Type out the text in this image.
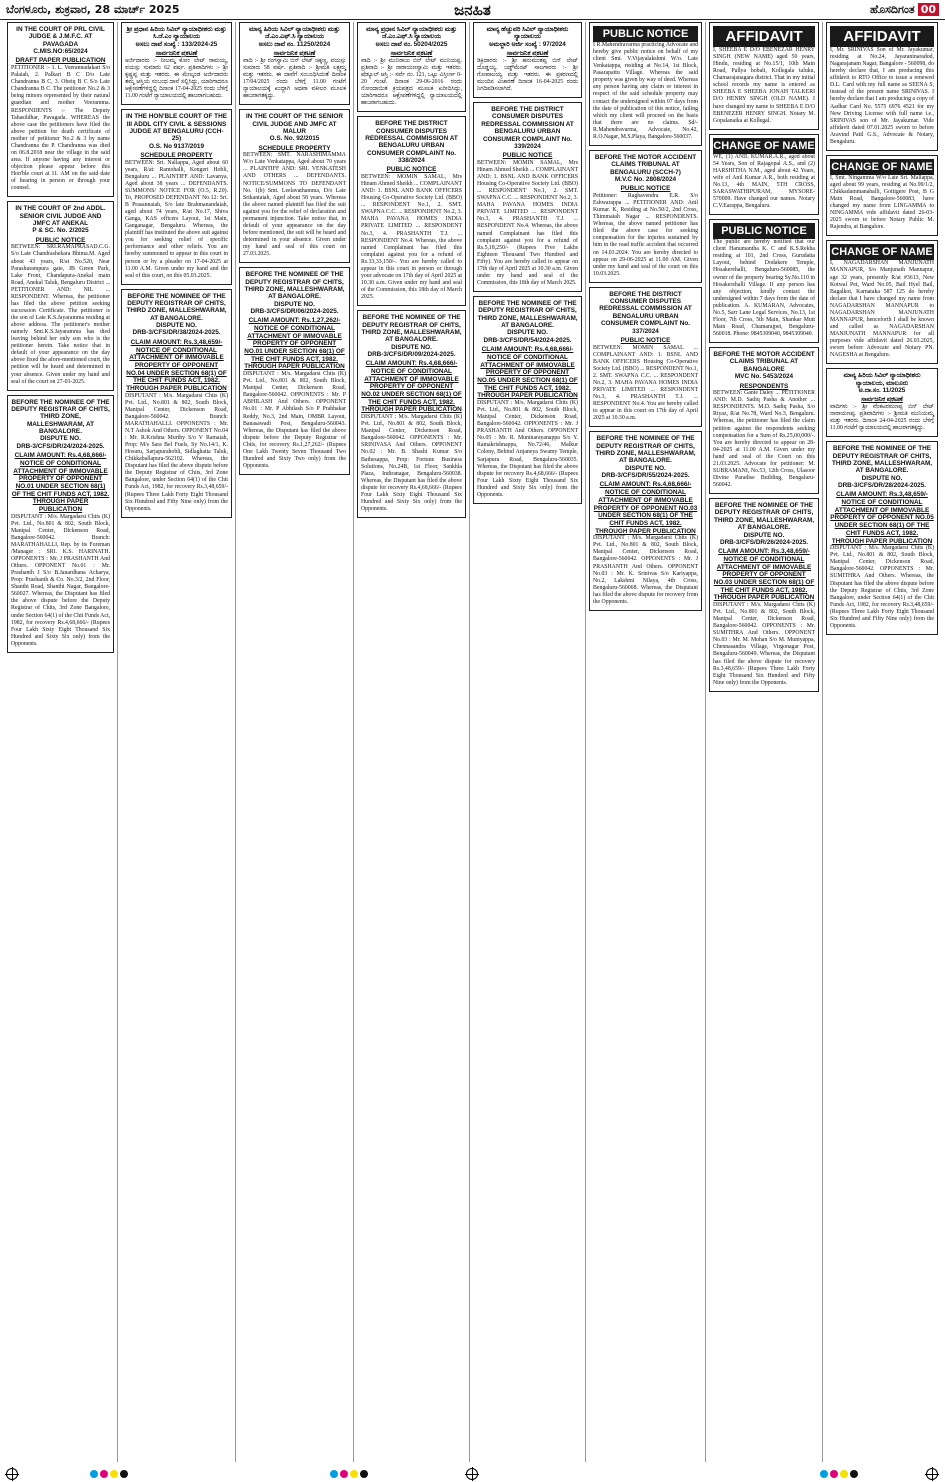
ಬೆಂಗಳೂರು, ಶುಕ್ರವಾರ, 28 ಮಾರ್ಚ್ 2025	ಜನಹಿತ	ಹೊಸದಿಗಂತ 00
IN THE COURT OF PRL CIVIL JUDGE & J.M.F.C. AT PAVAGADA
C.MIS.NO:65/2024
DRAFT PAPER PUBLICATION

PETITIONER :- 1. L. Veerannadakari S/o Palaiah, 2. Palkari B C D/o Late Chandranna B C, 3. Obeiq B C S/o Late Chandranna B C. The petitioner No.2 & 3 being minors represented by their natural guardian and mother Veeramma. RESPONDENTS :- The Deputy Tahasildhar, Pavagada. WHEREAS the above case the petitioners have filed the above petition for death certificate of mother of petitioner No.2 & 3 by name Chandranna the P. Chandranna was died on 06.8.2018 near the village in the said area. If anyone having any interest or objection please appear before this Hon'ble court at 11. AM on the said date of hearing in person or through your counsel.

IN THE COURT OF 2nd ADDL. SENIOR CIVIL JUDGE AND JMFC AT ANEKAL
P & SC. No. 2/2025
PUBLIC NOTICE

BETWEEN: SRI.RAMAPRASAD.C.G. S/o Late Chandrashekara Bhima.M. Aged about 43 years, R/at No.520, Near Parashurampura gate, JB Green Park, Lake Front, Chandapura-Anekal main Road, Anekal Taluk, Bengaluru District ... PETITIONER AND: NIL ... RESPONDENT. Whereas, the petitioner has filed the above petition seeking succession Certificate. The petitioner is the son of Late K.S.Jayaramma residing at above address. The petitioner's mother namely Smt.K.S.Jayaramma has died leaving behind her only son who is the petitioner herein. Take notice that in default of your appearance on the day above fixed the afore-mentioned court, the petition will be heard and determined in your absence. Given under my hand and seal of the court on 27-03-2025.

BEFORE THE NOMINEE OF THE DEPUTY REGISTRAR OF CHITS, THIRD ZONE, MALLESHWARAM, AT BANGALORE.
DISPUTE NO.
DRB-3/CFS/DR/24/2024-2025.
CLAIM AMOUNT: Rs.4,68,666/-
NOTICE OF CONDITIONAL ATTACHMENT OF IMMOVABLE PROPERTY OF OPPONENT NO.01 UNDER SECTION 68(1) OF THE CHIT FUNDS ACT, 1982. THROUGH PAPER PUBLICATION

DISPUTANT : M/s. Margadarsi Chits (K) Pvt. Ltd., No.801 & 802, South Block, Manipal Center, Dickenson Road, Bangalore-560042. Branch: MARATHAHALLI, Rep. by its Foreman /Manager : SRI. K.S. HARINATH. OPPONENTS : Mr. J PRASHANTH And Others. OPPONENT No.01 : Mr. Prashanth J S/o B.Janardhana Acharya, Prop: Prashanth & Co. No.3/2, 2nd Floor, Shanthi Road, Shanthi Nagar, Bangalore-560027. Whereas, the Disputant has filed the above dispute before the Deputy Registrar of Chits, 3rd Zone Bangalore, under Section 64(1) of the Chit Funds Act, 1982, for recovery Rs.4,68,666/- (Rupees Four Lakh Sixty Eight Thousand Six Hundred and Sixty Six only) from the Opponents.

ಶ್ರೀ ಪ್ರಧಾನ ಹಿರಿಯ ಸಿವಿಲ್ ನ್ಯಾಯಾಧೀಶರು ಮತ್ತು ಸಿ.ಜೆ.ಎಂ ನ್ಯಾಯಾಲಯ
ಅಸಲು ದಾವೆ ಸಂಖ್ಯೆ : 133/2024-25
ಸಾರ್ವಜನಿಕ ಪ್ರಕಟಣೆ

ಅರ್ಜಿದಾರರು :- ನೀಲಮ್ಮ ಕೋಂ ಲೇಟ್ ರಾಮಯ್ಯ, ವಯಸ್ಸು ಸುಮಾರು 62 ವರ್ಷ. ಪ್ರತಿವಾದಿಗಳು :- ಶ್ರೀ ಕೃಷ್ಣಪ್ಪ ಮತ್ತು ಇತರರು. ಈ ಮೇಲ್ಕಂಡ ಅರ್ಜಿದಾರರು ತಮ್ಮ ಆಸ್ತಿಯ ಸಂಬಂಧ ದಾವೆ ಸಲ್ಲಿಸಿದ್ದು, ಯಾರಿಗಾದರೂ ಆಕ್ಷೇಪಣೆಗಳಿದ್ದಲ್ಲಿ ದಿನಾಂಕ 17-04-2025 ರಂದು ಬೆಳಿಗ್ಗೆ 11.00 ಗಂಟೆಗೆ ನ್ಯಾಯಾಲಯದಲ್ಲಿ ಹಾಜರಾಗಬಹುದು.

IN THE HON'BLE COURT OF THE III ADDL CITY CIVIL & SESSIONS JUDGE AT BENGALURU (CCH-25)
O.S. No 9137/2019
SCHEDULE PROPERTY

BETWEEN: Sri. Nallappa, Aged about 60 years, R/at: Ramohalli, Kengeri Hobli, Bengaluru ... PLAINTIFF AND: Lavanya, Aged about 38 years ... DEFENDANTS. SUMMONS/ NOTICE FOR (O.5, R.20). To, PROPOSED DEFENDANT No.12: Sri. B Prasannaiah, S/o late Brahmanandaiah, aged about 74 years, R/at No.17, Shiva Ganga, KAS officers Layout, 1st Main, Ganganagar, Bengaluru. Whereas, the plaintiff has instituted the above suit against you for seeking relief of specific performance and other reliefs. You are hereby summoned to appear in this court in person or by a pleader on 17-04-2025 at 11.00 A.M. Given under my hand and the seal of this court, on this 05.03.2025.

BEFORE THE NOMINEE OF THE DEPUTY REGISTRAR OF CHITS, THIRD ZONE, MALLESHWARAM, AT BANGALORE.
DISPUTE NO.
DRB-3/CFS/DR/38/2024-2025.
CLAIM AMOUNT: Rs.3,48,659/-
NOTICE OF CONDITIONAL ATTACHMENT OF IMMOVABLE PROPERTY OF OPPONENT NO.04 UNDER SECTION 68(1) OF THE CHIT FUNDS ACT, 1982. THROUGH PAPER PUBLICATION

DISPUTANT : M/s. Margadarsi Chits (K) Pvt. Ltd., No.801 & 802, South Block, Manipal Center, Dickenson Road, Bangalore-560042. Branch: MARATHAHALLI. OPPONENTS : Mr. N.T Ashok And Others. OPPONENT No.04 : Mr. R.Krishna Murthy S/o V Ramaiah, Prop: M/s Sara Bel Fuels, Sy No.14/1, K. Hosuru, Sarjapurahobli, Sidlaghatta Taluk, Chikkaballapura-562102. Whereas, the Disputant has filed the above dispute before the Deputy Registrar of Chits, 3rd Zone Bangalore, under Section 64(1) of the Chit Funds Act, 1982, for recovery Rs.3,48,659/- (Rupees Three Lakh Forty Eight Thousand Six Hundred and Fifty Nine only) from the Opponents.

ಮಾನ್ಯ ಹಿರಿಯ ಸಿವಿಲ್ ನ್ಯಾಯಾಧೀಶರು ಮತ್ತು ಜೆ.ಎಂ.ಎಫ್.ಸಿ ನ್ಯಾಯಾಲಯ
ಅಸಲು ದಾವೆ ನಂ. 11250/2024
ಸಾರ್ವಜನಿಕ ಪ್ರಕಟಣೆ

ವಾದಿ :- ಶ್ರೀ ರಂಗಸ್ವಾಮಿ ಬಿನ್ ಲೇಟ್ ಚಿಕ್ಕಣ್ಣ, ವಯಸ್ಸು ಸುಮಾರು 58 ವರ್ಷ. ಪ್ರತಿವಾದಿ :- ಶ್ರೀಮತಿ ಲಕ್ಷ್ಮಮ್ಮ ಮತ್ತು ಇತರರು. ಈ ದಾವೆಗೆ ಸಂಬಂಧಿಸಿದಂತೆ ದಿನಾಂಕ 17/04/2025 ರಂದು ಬೆಳಿಗ್ಗೆ 11.00 ಗಂಟೆಗೆ ನ್ಯಾಯಾಲಯಕ್ಕೆ ಖುದ್ದಾಗಿ ಅಥವಾ ವಕೀಲರ ಮೂಲಕ ಹಾಜರಾಗತಕ್ಕದ್ದು.

IN THE COURT OF THE SENIOR CIVIL JUDGE AND JMFC AT MALUR
O.S. No. 92/2015
SCHEDULE PROPERTY

BETWEEN: SMT. NARASHIMAMMA W/o Late Venkatappa, Aged about 70 years ... PLAINTIFF AND: SRI. VENKATESH AND OTHERS ... DEFENDANTS. NOTICE/SUMMONS TO DEFENDANT No. 1(b) Smt. Leelavathamma, D/o Late Srikantaiah, Aged about 58 years. Whereas the above named plaintiff has filed the suit against you for the relief of declaration and permanent injunction. Take notice that, in default of your appearance on the day before mentioned, the suit will be heard and determined in your absence. Given under my hand and seal of this court on 27.03.2025.

BEFORE THE NOMINEE OF THE DEPUTY REGISTRAR OF CHITS, THIRD ZONE, MALLESHWARAM, AT BANGALORE.
DISPUTE NO.
DRB-3/CFS/DR/06/2024-2025.
CLAIM AMOUNT: Rs.1,27,262/-
NOTICE OF CONDITIONAL ATTACHMENT OF IMMOVABLE PROPERTY OF OPPONENT NO.01 UNDER SECTION 68(1) OF THE CHIT FUNDS ACT, 1982. THROUGH PAPER PUBLICATION

DISPUTANT : M/s. Margadarsi Chits (K) Pvt. Ltd., No.801 & 802, South Block, Manipal Center, Dickenson Road, Bangalore-560042. OPPONENTS : Mr. P ABHILASH And Others. OPPONENT No.01 : Mr. P Abhilash S/o P Prabhakar Reddy, No.3, 2nd Main, OMBR Layout, Banasawadi Post, Bengaluru-560043. Whereas, the Disputant has filed the above dispute before the Deputy Registrar of Chits, for recovery Rs.1,27,262/- (Rupees One Lakh Twenty Seven Thousand Two Hundred and Sixty Two only) from the Opponents.

ಮಾನ್ಯ ಪ್ರಧಾನ ಸಿವಿಲ್ ನ್ಯಾಯಾಧೀಶರು ಮತ್ತು ಜೆ.ಎಂ.ಎಫ್.ಸಿ ನ್ಯಾಯಾಲಯ
ಅಸಲು ದಾವೆ ನಂ. 50204/2025
ಸಾರ್ವಜನಿಕ ಪ್ರಕಟಣೆ

ವಾದಿ :- ಶ್ರೀ ಮುನಿರಾಜು ಬಿನ್ ಲೇಟ್ ಮುನಿಯಪ್ಪ. ಪ್ರತಿವಾದಿ :- ಶ್ರೀ ನಾರಾಯಣಸ್ವಾಮಿ ಮತ್ತು ಇತರರು. ಷೆಡ್ಯೂಲ್ ಆಸ್ತಿ :- ಸರ್ವೆ ನಂ. 121, ಒಟ್ಟು ವಿಸ್ತೀರ್ಣ 0-20 ಗುಂಟೆ. ದಿನಾಂಕ 29-06-2016 ರಂದು ನೋಂದಾಯಿತ ಕ್ರಯಪತ್ರದ ಮೂಲಕ ಖರೀದಿಸಿದ್ದು, ಯಾರಿಗಾದರೂ ಆಕ್ಷೇಪಣೆಗಳಿದ್ದಲ್ಲಿ ನ್ಯಾಯಾಲಯದಲ್ಲಿ ಹಾಜರಾಗಬಹುದು.

BEFORE THE DISTRICT CONSUMER DISPUTES REDRESSAL COMMISSION AT BENGALURU URBAN
CONSUMER COMPLAINT No. 338/2024
PUBLIC NOTICE

BETWEEN: MOMIN SAMAL, Mrs Hinam Ahmed Sheikh ... COMPLAINANT AND: 1. BSNL AND BANK OFFICERS Housing Co-Operative Society Ltd. (BBO) ... RESPONDENT No.1, 2. SMT. SWAPNA C.C. ... RESPONDENT No.2, 3. MAHA PAVANA HOMES INDIA PRIVATE LIMITED ... RESPONDENT No.3, 4. PRASHANTH T.J. ... RESPONDENT No.4. Whereas, the above named Complainant has filed this complaint against you for a refund of Rs.33,33,150/-. You are hereby called to appear in this court in person or through your advocate on 17th day of April 2025 at 10.30 a.m. Given under my hand and seal of the Commission, this 18th day of March 2025.

BEFORE THE NOMINEE OF THE DEPUTY REGISTRAR OF CHITS, THIRD ZONE, MALLESHWARAM, AT BANGALORE.
DISPUTE NO.
DRB-3/CFS/DR/09/2024-2025.
CLAIM AMOUNT: Rs.4,68,666/-
NOTICE OF CONDITIONAL ATTACHMENT OF IMMOVABLE PROPERTY OF OPPONENT NO.02 UNDER SECTION 68(1) OF THE CHIT FUNDS ACT, 1982. THROUGH PAPER PUBLICATION

DISPUTANT : M/s. Margadarsi Chits (K) Pvt. Ltd., No.801 & 802, South Block, Manipal Center, Dickenson Road, Bangalore-560042. OPPONENTS : Mr. SRINIVASA And Others. OPPONENT No.02 : Mr. B. Shashi Kumar S/o Bathesappa, Prop: Fortune Business Solutions, No.24B, 1st Floor, Sankhla Plaza, Indiranagar, Bengaluru-560038. Whereas, the Disputant has filed the above dispute for recovery Rs.4,68,666/- (Rupees Four Lakh Sixty Eight Thousand Six Hundred and Sixty Six only) from the Opponents.

ಮಾನ್ಯ ಹೆಚ್ಚುವರಿ ಸಿವಿಲ್ ನ್ಯಾಯಾಧೀಶರು ನ್ಯಾಯಾಲಯ
ಅಮಲ್ಜಾರಿ ಅರ್ಜಿ ಸಂಖ್ಯೆ : 97/2024
ಸಾರ್ವಜನಿಕ ಪ್ರಕಟಣೆ

ಡಿಕ್ರಿದಾರರು :- ಶ್ರೀ ಹನುಮಂತಪ್ಪ ಬಿನ್ ಲೇಟ್ ದೊಡ್ಡಯ್ಯ. ಜಡ್ಜ್‌ಮೆಂಟ್ ಸಾಲಗಾರರು :- ಶ್ರೀ ಗೋಪಾಲಯ್ಯ ಮತ್ತು ಇತರರು. ಈ ಪ್ರಕರಣದಲ್ಲಿ ಮುಂದಿನ ವಿಚಾರಣೆ ದಿನಾಂಕ 16-04-2025 ರಂದು ನಿಗದಿಪಡಿಸಲಾಗಿದೆ.

BEFORE THE DISTRICT CONSUMER DISPUTES REDRESSAL COMMISSION AT BENGALURU URBAN
CONSUMER COMPLAINT No. 339/2024
PUBLIC NOTICE

BETWEEN: MOMIN SAMAL, Mrs Hinam Ahmed Sheikh ... COMPLAINANT AND: 1. BSNL AND BANK OFFICERS Housing Co-Operative Society Ltd. (BBO) ... RESPONDENT No.1, 2. SMT. SWAPNA C.C. ... RESPONDENT No.2, 3. MAHA PAVANA HOMES INDIA PRIVATE LIMITED ... RESPONDENT No.3, 4. PRASHANTH T.J. ... RESPONDENT No.4. Whereas, the above named Complainant has filed this complaint against you for a refund of Rs.5,18,250/- (Rupees Five Lakhs Eighteen Thousand Two Hundred and Fifty). You are hereby called to appear on 17th day of April 2025 at 10.30 a.m. Given under my hand and seal of the Commission, this 18th day of March 2025.

BEFORE THE NOMINEE OF THE DEPUTY REGISTRAR OF CHITS, THIRD ZONE, MALLESHWARAM, AT BANGALORE.
DISPUTE NO.
DRB-3/CFS/DR/54/2024-2025.
CLAIM AMOUNT: Rs.4,68,666/-
NOTICE OF CONDITIONAL ATTACHMENT OF IMMOVABLE PROPERTY OF OPPONENT NO.05 UNDER SECTION 68(1) OF THE CHIT FUNDS ACT, 1982. THROUGH PAPER PUBLICATION

DISPUTANT : M/s. Margadarsi Chits (K) Pvt. Ltd., No.801 & 802, South Block, Manipal Center, Dickenson Road, Bangalore-560042. OPPONENTS : Mr. J PRASHANTH And Others. OPPONENT No.05 : Mr. R. Muninarayanappa S/o Y. Ramakrishnappa, No.72/46, Malkur Colony, Behind Anjaneya Swamy Temple, Sarjapura Road, Bengaluru-560035. Whereas, the Disputant has filed the above dispute for recovery Rs.4,68,666/- (Rupees Four Lakh Sixty Eight Thousand Six Hundred and Sixty Six only) from the Opponents.

PUBLIC NOTICE

I R.Mahendravarma practicing Advocate and hereby give public notice on behalf of my client Smt. V.Vijayalakshmi W/o. Late Venkatappa, residing at No.14, 1st Block, Pasarapattu Village. Whereas the said property was given by way of deed. Whereas any person having any claim or interest in respect of the said schedule property may contact the undersigned within 07 days from the date of publication of this notice, failing which my client will proceed on the basis that there are no claims. Sd/- R.Mahendravarma, Advocate, No.42, R.O.Nagar, M.S.Playa, Bangalore-560037.

BEFORE THE MOTOR ACCIDENT CLAIMS TRIBUNAL AT BENGALURU (SCCH-7)
M.V.C No. 2808/2024
PUBLIC NOTICE

Petitioner: Raghavendra E.R. S/o Eshwarappa ... PETITIONER AND: Anil Kumar. K, Residing at No.50/2, 2nd Cross, Thimmaiah Nagar ... RESPONDENTS. Whereas, the above named petitioner has filed the above case for seeking compensation for the injuries sustained by him in the road traffic accident that occurred on 14.03.2024. You are hereby directed to appear on 29-06-2025 at 11.00 AM. Given under my hand and seal of the court on this 10.03.2025.

BEFORE THE DISTRICT CONSUMER DISPUTES REDRESSAL COMMISSION AT BENGALURU URBAN
CONSUMER COMPLAINT No. 337/2024
PUBLIC NOTICE

BETWEEN: MOMIN SAMAL ... COMPLAINANT AND: 1. BSNL AND BANK OFFICERS Housing Co-Operative Society Ltd. (BBO) ... RESPONDENT No.1, 2. SMT. SWAPNA C.C. ... RESPONDENT No.2, 3. MAHA PAVANA HOMES INDIA PRIVATE LIMITED ... RESPONDENT No.3, 4. PRASHANTH T.J. ... RESPONDENT No.4. You are hereby called to appear in this court on 17th day of April 2025 at 10.30 a.m.

BEFORE THE NOMINEE OF THE DEPUTY REGISTRAR OF CHITS, THIRD ZONE, MALLESHWARAM, AT BANGALORE.
DISPUTE NO.
DRB-3/CFS/DR/55/2024-2025.
CLAIM AMOUNT: Rs.4,68,666/-
NOTICE OF CONDITIONAL ATTACHMENT OF IMMOVABLE PROPERTY OF OPPONENT NO.03 UNDER SECTION 68(1) OF THE CHIT FUNDS ACT, 1982. THROUGH PAPER PUBLICATION

DISPUTANT : M/s. Margadarsi Chits (K) Pvt. Ltd., No.801 & 802, South Block, Manipal Center, Dickenson Road, Bangalore-560042. OPPONENTS : Mr. J PRASHANTH And Others. OPPONENT No.03 : Mr. K. Srinivas S/o Kariyappa, No.2, Lakshmi Nilaya, 4th Cross, Bengaluru-560068. Whereas, the Disputant has filed the above dispute for recovery from the Opponents.

AFFIDAVIT

I, SHEEBA E D/O EBENEZAR HENRY SINGH (NEW NAME) aged 50 years, Hindu, residing at No.15/1, 10th Main Road, Pallya hobali, Kollegala taluku, Chamarajanagara district. That in my initial school records my name is entered as SHEEBA E SHEEBA JONAH TALKERI D/O HENRY SINGH (OLD NAME). I have changed my name to SHEEBA E D/O EBENEZER HENRY SINGH. Notary M. Gopalanaika at Kollegal.

CHANGE OF NAME

WE, (1) ANIL KUMAR.A.R., aged about 54 Years, Son of Rajagopal A.S., and (2) HARSHITHA N.M., aged about 42 Years, wife of Anil Kumar A.R., both residing at No.13, 4th MAIN, 5TH CROSS, SARASWATHIPURAM, MYSORE-570009. Have changed our names. Notary C.V.Earappa, Bengaluru.

PUBLIC NOTICE

The public are hereby notified that our client Hanumantha K. C and K.S.Rekha residing at 101, 2nd Cross, Gurudatta Layout, behind Dodakere Temple, Hosakerehalli, Bengaluru-560085, the owner of the property bearing Sy.No.110 in Hosakerehalli Village. If any person has any objection, kindly contact the undersigned within 7 days from the date of publication. A. KUMARAN, Advocates, No.5, Sarr Lane Legal Services, No.13, 1st Floor, 7th Cross, 5th Main, Shankar Mutt Main Road, Chamarajpet, Bengaluru-560018. Phone: 9845309040, 9845309040.

BEFORE THE MOTOR ACCIDENT CLAIMS TRIBUNAL AT BANGALORE
MVC No. 5453/2024
RESPONDENTS

BETWEEN: Ganie Daley ... PETITIONER AND: M.D. Sadiq Pasha & Another ... RESPONDENTS. M.D. Sadiq Pasha, S/o Riyaz, R/at No.78, Ward No.3, Bengaluru. Whereas, the petitioner has filed the claim petition against the respondents seeking compensation for a Sum of Rs.25,00,000/-. You are hereby directed to appear on 28-04-2025 at 11.00 A.M. Given under my hand and seal of the Court on this 21.03.2025. Advocate for petitioner: M. SUBRAMANI, No.53, 12th Cross, Ulasoor Divine Paradise Building, Bengaluru-560042.

BEFORE THE NOMINEE OF THE DEPUTY REGISTRAR OF CHITS, THIRD ZONE, MALLESHWARAM, AT BANGALORE.
DISPUTE NO.
DRB-3/CFS/DR/26/2024-2025.
CLAIM AMOUNT: Rs.3,48,659/-
NOTICE OF CONDITIONAL ATTACHMENT OF IMMOVABLE PROPERTY OF OPPONENT NO.03 UNDER SECTION 68(1) OF THE CHIT FUNDS ACT, 1982. THROUGH PAPER PUBLICATION

DISPUTANT : M/s. Margadarsi Chits (K) Pvt. Ltd., No.801 & 802, South Block, Manipal Center, Dickenson Road, Bangalore-560042. OPPONENTS : Mr. SUMITHRA And Others. OPPONENT No.03 : Mr. M. Mohan S/o M. Muniyappa, Chennasandra Village, Virgonagar Post, Bengaluru-560049. Whereas, the Disputant has filed the above dispute for recovery Rs.3,48,659/- (Rupees Three Lakh Forty Eight Thousand Six Hundred and Fifty Nine only) from the Opponents.

AFFIDAVIT

I, Mr. SRINIVAS Son of Mr. Jayakumar, residing at No.24, Jayaraninaradod, Nagarajanam Nagar, Bangalore - 560098, do hereby declare that, I am producing this affidavit to RTO Office to issue a renewed D.L. Card with my full name as SEENA S, instead of the present name SRINIVAS. I hereby declare that I am producing a copy of Aadhar Card No. 5575 6976 4521 for my New Driving License with full name i.e., SRINIVAS son of Mr. Jayakumar. Vide affidavit dated 07.01.2025 sworn to before Aravind Patil G.S., Advocate & Notary, Bengaluru.

CHANGE OF NAME

I, Smt. Ningamma W/o Late Sri. Mallappa, aged about 99 years, residing at No.99/1/2, Chikkadammanahalli, Gottigere Post, B G Main Road, Bangalore-560083, have changed my name from LINGAMMA to NINGAMMA vide affidavit dated 26-03-2025 sworn to before Notary Public M. Rajendra, at Bangalore.

CHANGE OF NAME

I, NAGADARSHAN MANJUNATH MANNAPUR, S/o Manjunath Mannapur, age 32 years, presently R/at #3613, New Kotwal Pet, Ward No.05, Bail Hyel Bail, Bagalkot, Karnataka 587 125 do hereby declare that I have changed my name from NAGADARSHAN MANNAPUR to NAGADARSHAN MANJUNATH MANNAPUR, henceforth I shall be known and called as NAGADARSHAN MANJUNATH MANNAPUR for all purposes vide affidavit dated 26.03.2025, sworn before Advocate and Notary PN. NAGESHA at Bengaluru.

ಮಾನ್ಯ ಹಿರಿಯ ಸಿವಿಲ್ ನ್ಯಾಯಾಧೀಶರು ನ್ಯಾಯಾಲಯ, ಮಾಲೂರು
ಅ.ದಾ.ಸಂ. 11/2025
ಸಾರ್ವಜನಿಕ ಪ್ರಕಟಣೆ

ವಾದಿಗಳು :- ಶ್ರೀ ವೆಂಕಟರಮಣಪ್ಪ ಬಿನ್ ಲೇಟ್ ನಾರಾಯಣಪ್ಪ. ಪ್ರತಿವಾದಿಗಳು :- ಶ್ರೀಮತಿ ಮುನಿಯಮ್ಮ ಮತ್ತು ಇತರರು. ದಿನಾಂಕ 24-04-2025 ರಂದು ಬೆಳಿಗ್ಗೆ 11.00 ಗಂಟೆಗೆ ನ್ಯಾಯಾಲಯದಲ್ಲಿ ಹಾಜರಾಗತಕ್ಕದ್ದು.

BEFORE THE NOMINEE OF THE DEPUTY REGISTRAR OF CHITS, THIRD ZONE, MALLESHWARAM, AT BANGALORE.
DISPUTE NO.
DRB-3/CFS/DR/28/2024-2025.
CLAIM AMOUNT: Rs.3,48,659/-
NOTICE OF CONDITIONAL ATTACHMENT OF IMMOVABLE PROPERTY OF OPPONENT NO.05 UNDER SECTION 68(1) OF THE CHIT FUNDS ACT, 1982. THROUGH PAPER PUBLICATION

DISPUTANT : M/s. Margadarsi Chits (K) Pvt. Ltd., No.801 & 802, South Block, Manipal Center, Dickenson Road, Bangalore-560042. OPPONENTS : Mr. SUMITHRA And Others. Whereas, the Disputant has filed the above dispute before the Deputy Registrar of Chits, 3rd Zone Bangalore, under Section 64(1) of the Chit Funds Act, 1982, for recovery Rs.3,48,659/- (Rupees Three Lakh Forty Eight Thousand Six Hundred and Fifty Nine only) from the Opponents.
